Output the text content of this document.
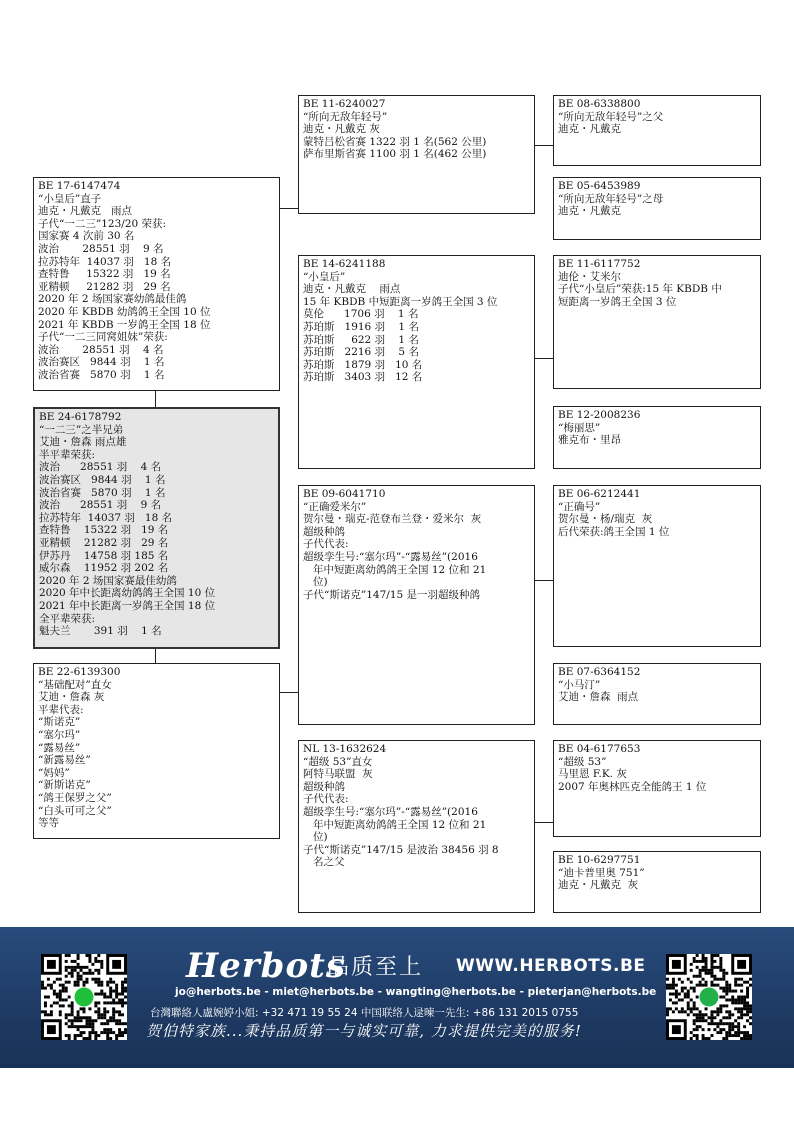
BE 11-6240027
“所向无敌年轻号”
迪克・凡戴克 灰
蒙特吕松省赛 1322 羽 1 名(562 公里)
萨布里斯省赛 1100 羽 1 名(462 公里)
BE 08-6338800
“所向无敌年轻号”之父
迪克・凡戴克
BE 05-6453989
“所向无敌年轻号”之母
迪克・凡戴克
BE 17-6147474
“小皇后”直子
迪克・凡戴克   雨点
子代“一二三”123/20 荣获:
国家赛 4 次前 30 名
波治       28551 羽    9 名
拉苏特年  14037 羽   18 名
查特鲁     15322 羽   19 名
亚精顿     21282 羽   29 名
2020 年 2 场国家赛幼鸽最佳鸽
2020 年 KBDB 幼鸽鸽王全国 10 位
2021 年 KBDB 一岁鸽王全国 18 位
子代“一二三同窝姐妹”荣获:
波治       28551 羽    4 名
波治赛区   9844 羽    1 名
波治省赛   5870 羽    1 名
BE 14-6241188
“小皇后”
迪克・凡戴克    雨点
15 年 KBDB 中短距离一岁鸽王全国 3 位
莫伦      1706 羽    1 名
苏珀斯   1916 羽    1 名
苏珀斯     622 羽    1 名
苏珀斯   2216 羽    5 名
苏珀斯   1879 羽   10 名
苏珀斯   3403 羽   12 名
BE 11-6117752
迪伦・艾米尔
子代“小皇后”荣获:15 年 KBDB 中
短距离一岁鸽王全国 3 位
BE 12-2008236
“梅丽思”
雅克布・里昂
BE 24-6178792
“一二三”之半兄弟
艾迪・詹森 雨点雄
半平辈荣获:
波治      28551 羽    4 名
波治赛区   9844 羽    1 名
波治省赛   5870 羽    1 名
波治      28551 羽    9 名
拉苏特年  14037 羽   18 名
查特鲁    15322 羽   19 名
亚精顿    21282 羽   29 名
伊苏丹    14758 羽 185 名
威尔森    11952 羽 202 名
2020 年 2 场国家赛最佳幼鸽
2020 年中长距离幼鸽鸽王全国 10 位
2021 年中长距离一岁鸽王全国 18 位
全平辈荣获:
魁夫兰       391 羽    1 名
BE 09-6041710
“正确爱米尔”
贺尔曼・瑞克-范登布兰登・爱米尔  灰
超级种鸽
子代代表:
超级孪生号:“塞尔玛”-“露易丝”(2016
年中短距离幼鸽鸽王全国 12 位和 21
位)
子代“斯诺克”147/15 是一羽超级种鸽
BE 06-6212441
“正确号”
贺尔曼・杨/瑞克  灰
后代荣获:鸽王全国 1 位
BE 22-6139300
“基础配对”直女
艾迪・詹森 灰
平辈代表:
“斯诺克”
“塞尔玛”
“露易丝”
“新露易丝”
“妈妈”
“新斯诺克”
“鸽王保罗之父”
“白头可可之父”
等等
BE 07-6364152
“小马汀”
艾迪・詹森  雨点
NL 13-1632624
“超级 53”直女
阿特马联盟  灰
超级种鸽
子代代表:
超级孪生号:“塞尔玛”-“露易丝”(2016
年中短距离幼鸽鸽王全国 12 位和 21
位)
子代“斯诺克”147/15 是波治 38456 羽 8
名之父
BE 04-6177653
“超级 53”
马里恩 F.K. 灰
2007 年奥林匹克全能鸽王 1 位
BE 10-6297751
“迪卡普里奥 751”
迪克・凡戴克  灰
Herbots
品质至上 WWW.HERBOTS.BE
jo@herbots.be - miet@herbots.be - wangting@herbots.be - pieterjan@herbots.be
台灣聯絡人盧婉婷小姐: +32 471 19 55 24 中国联络人逯暕一先生: +86 131 2015 0755
贺伯特家族...秉持品质第一与诚实可靠, 力求提供完美的服务!
